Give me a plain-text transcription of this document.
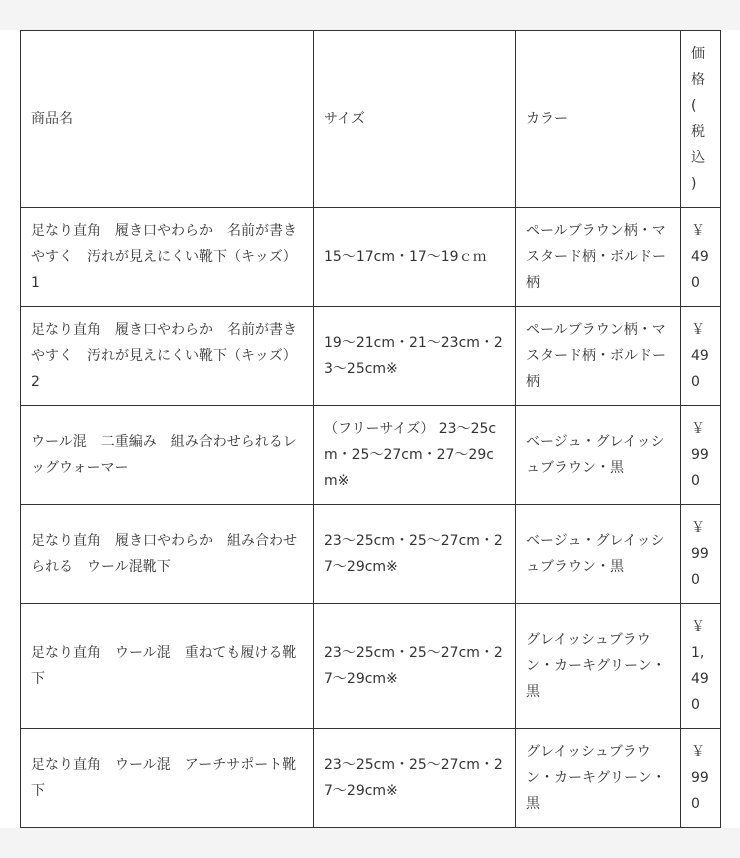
商品名	サイズ	カラー	価格(税込)

足なり直角　履き口やわらか　名前が書きやすく　汚れが見えにくい靴下（キッズ）1	15〜17cm・17〜19ｃｍ	ペールブラウン柄・マスタード柄・ボルドー柄	￥490

足なり直角　履き口やわらか　名前が書きやすく　汚れが見えにくい靴下（キッズ）2	19〜21cm・21〜23cm・23〜25cm※	ペールブラウン柄・マスタード柄・ボルドー柄	￥490

ウール混　二重編み　組み合わせられるレッグウォーマー	（フリーサイズ） 23〜25cm・25〜27cm・27〜29cm※	ベージュ・グレイッシュブラウン・黒	￥990

足なり直角　履き口やわらか　組み合わせられる　ウール混靴下	23〜25cm・25〜27cm・27〜29cm※	ベージュ・グレイッシュブラウン・黒	￥990

足なり直角　ウール混　重ねても履ける靴下	23〜25cm・25〜27cm・27〜29cm※	グレイッシュブラウン・カーキグリーン・黒	￥1,490

足なり直角　ウール混　アーチサポート靴下	23〜25cm・25〜27cm・27〜29cm※	グレイッシュブラウン・カーキグリーン・黒	￥990
